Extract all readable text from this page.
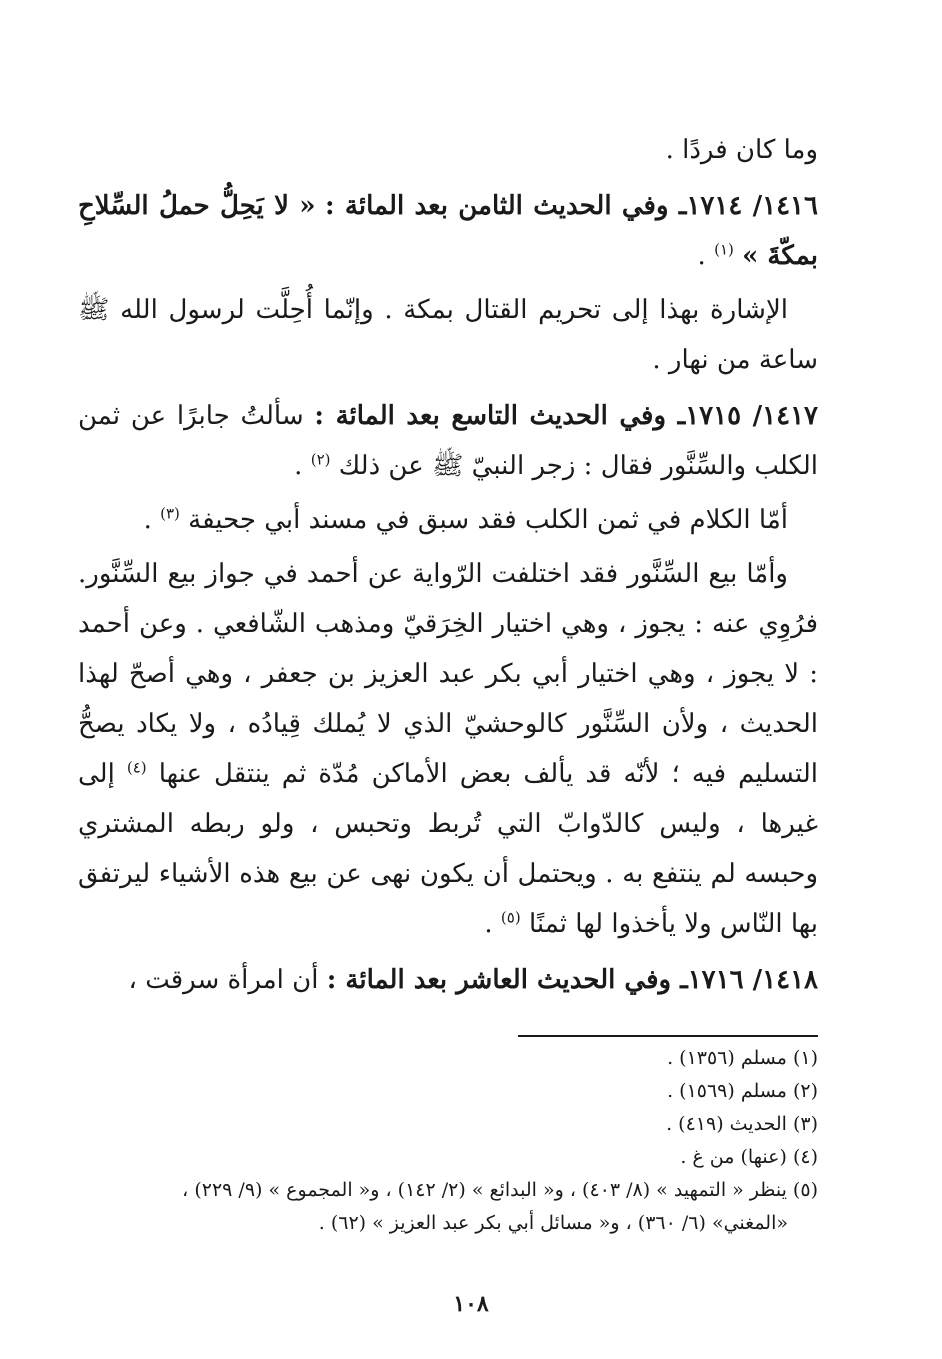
وما كان فردًا .

١٤١٦/ ١٧١٤ـ وفي الحديث الثامن بعد المائة : « لا يَحِلُّ حملُ السِّلاحِ بمكّةَ » $^{(١)}$ .

الإشارة بهذا إلى تحريم القتال بمكة . وإنّما أُحِلَّت لرسول الله ﷺ ساعة من نهار .

١٤١٧/ ١٧١٥ـ وفي الحديث التاسع بعد المائة : سألتُ جابرًا عن ثمن الكلب والسِّنَّور فقال : زجر النبيّ ﷺ عن ذلك $^{(٢)}$ .

أمّا الكلام في ثمن الكلب فقد سبق في مسند أبي جحيفة $^{(٣)}$ .

وأمّا بيع السِّنَّور فقد اختلفت الرّواية عن أحمد في جواز بيع السِّنَّور. فرُوِي عنه : يجوز ، وهي اختيار الخِرَقيّ ومذهب الشّافعي . وعن أحمد : لا يجوز ، وهي اختيار أبي بكر عبد العزيز بن جعفر ، وهي أصحّ لهذا الحديث ، ولأن السِّنَّور كالوحشيّ الذي لا يُملك قِيادُه ، ولا يكاد يصحُّ التسليم فيه ؛ لأنّه قد يألف بعض الأماكن مُدّة ثم ينتقل عنها $^{(٤)}$ إلى غيرها ، وليس كالدّوابّ التي تُربط وتحبس ، ولو ربطه المشتري وحبسه لم ينتفع به . ويحتمل أن يكون نهى عن بيع هذه الأشياء ليرتفق بها النّاس ولا يأخذوا لها ثمنًا $^{(٥)}$ .

١٤١٨/ ١٧١٦ـ وفي الحديث العاشر بعد المائة : أن امرأة سرقت ،

(١) مسلم (١٣٥٦) .

(٢) مسلم (١٥٦٩) .

(٣) الحديث (٤١٩) .

(٤) (عنها) من غ .

(٥) ينظر « التمهيد » (٨/ ٤٠٣) ، و« البدائع » (٢/ ١٤٢) ، و« المجموع » (٩/ ٢٢٩) ،

«المغني» (٦/ ٣٦٠) ، و« مسائل أبي بكر عبد العزيز » (٦٢) .

١٠٨
